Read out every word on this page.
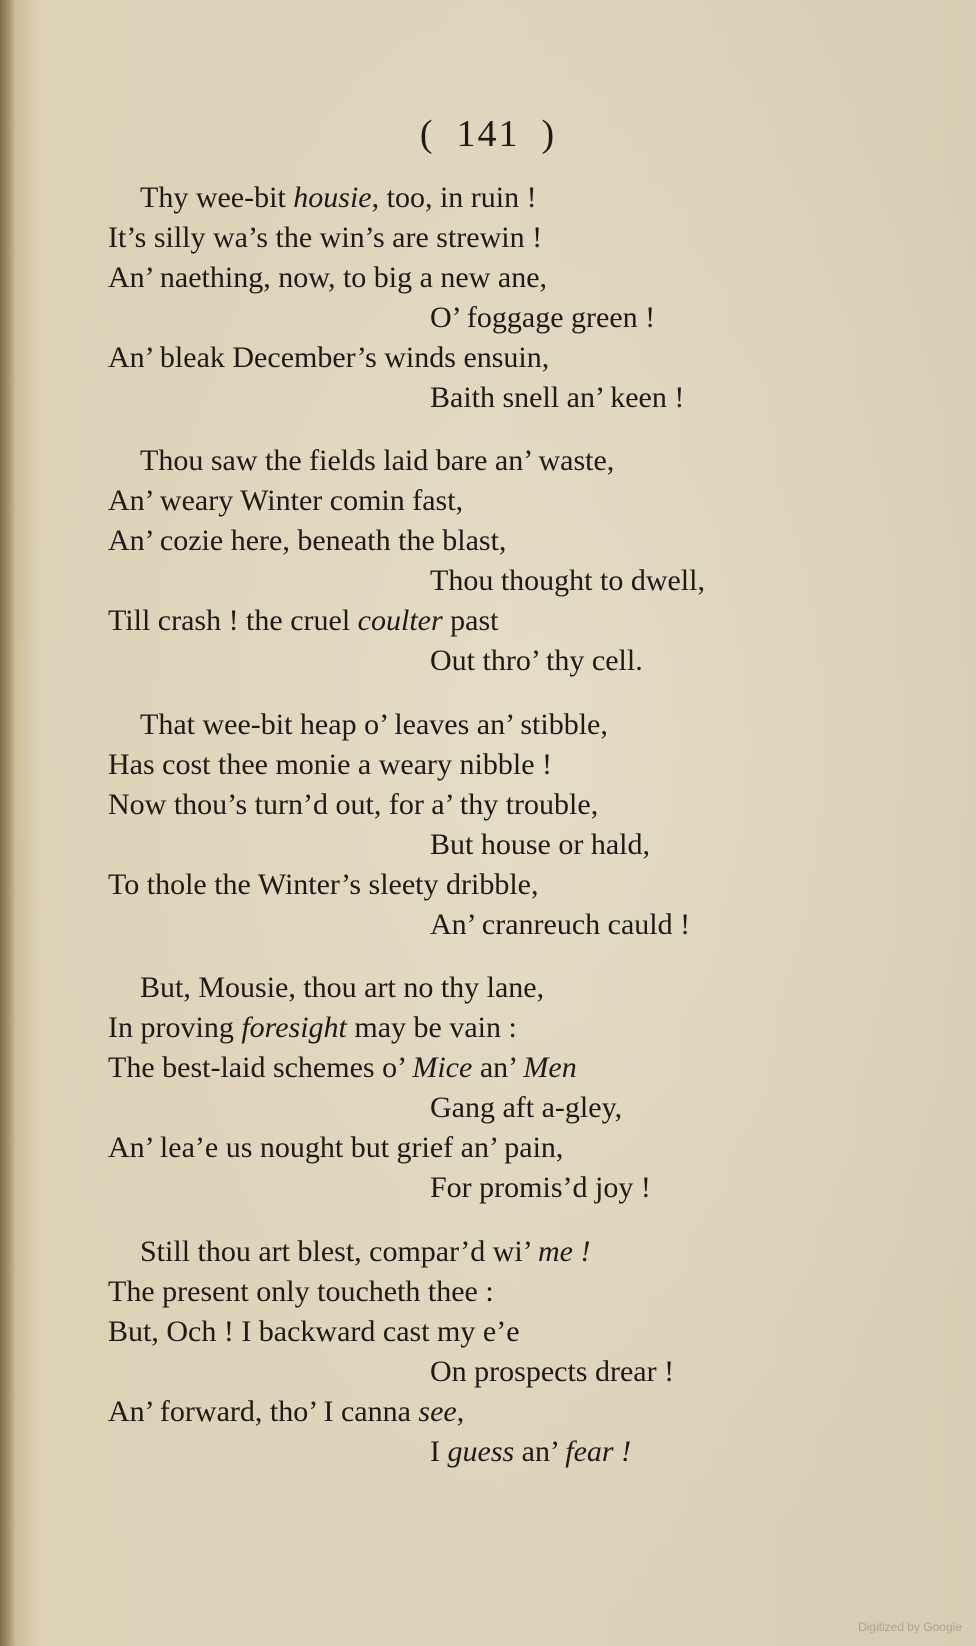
( 141 )
Thy wee-bit housie, too, in ruin !
It’s silly wa’s the win’s are strewin !
An’ naething, now, to big a new ane,
O’ foggage green !
An’ bleak December’s winds ensuin,
Baith snell an’ keen !
Thou saw the fields laid bare an’ waste,
An’ weary Winter comin fast,
An’ cozie here, beneath the blast,
Thou thought to dwell,
Till crash ! the cruel coulter past
Out thro’ thy cell.
That wee-bit heap o’ leaves an’ stibble,
Has cost thee monie a weary nibble !
Now thou’s turn’d out, for a’ thy trouble,
But house or hald,
To thole the Winter’s sleety dribble,
An’ cranreuch cauld !
But, Mousie, thou art no thy lane,
In proving foresight may be vain :
The best-laid schemes o’ Mice an’ Men
Gang aft a-gley,
An’ lea’e us nought but grief an’ pain,
For promis’d joy !
Still thou art blest, compar’d wi’ me !
The present only toucheth thee :
But, Och ! I backward cast my e’e
On prospects drear !
An’ forward, tho’ I canna see,
I guess an’ fear !
Digitized by Google
